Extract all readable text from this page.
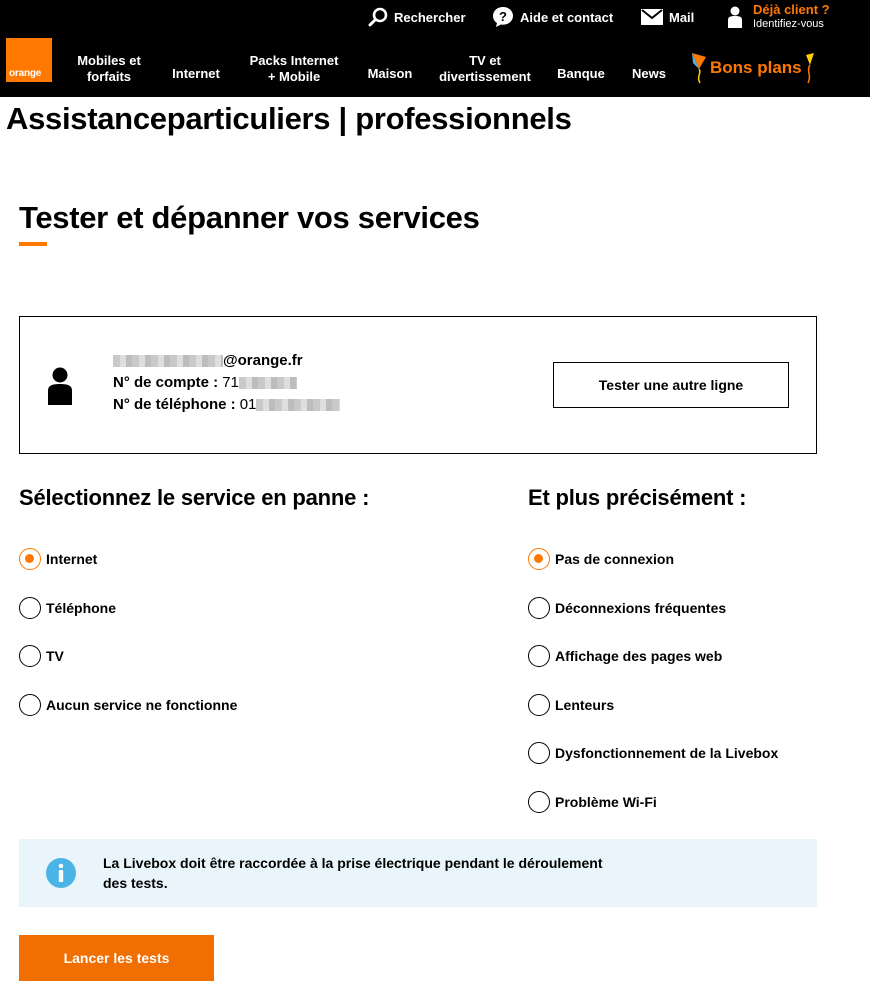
Rechercher	? Aide et contact	Mail	Déjà client ?
Identifiez-vous
orange
Mobiles et
forfaits	Internet
Packs Internet
+ Mobile	Maison
TV et
divertissement	Banque	News	Bons plans
Assistanceparticuliers | professionnels
Tester et dépanner vos services
@orange.fr
N° de compte : 71
N° de téléphone : 01
Tester une autre ligne
Sélectionnez le service en panne :	Et plus précisément :
Internet
Téléphone
TV
Aucun service ne fonctionne
Pas de connexion
Déconnexions fréquentes
Affichage des pages web
Lenteurs
Dysfonctionnement de la Livebox
Problème Wi-Fi
La Livebox doit être raccordée à la prise électrique pendant le déroulement
des tests.
Lancer les tests
